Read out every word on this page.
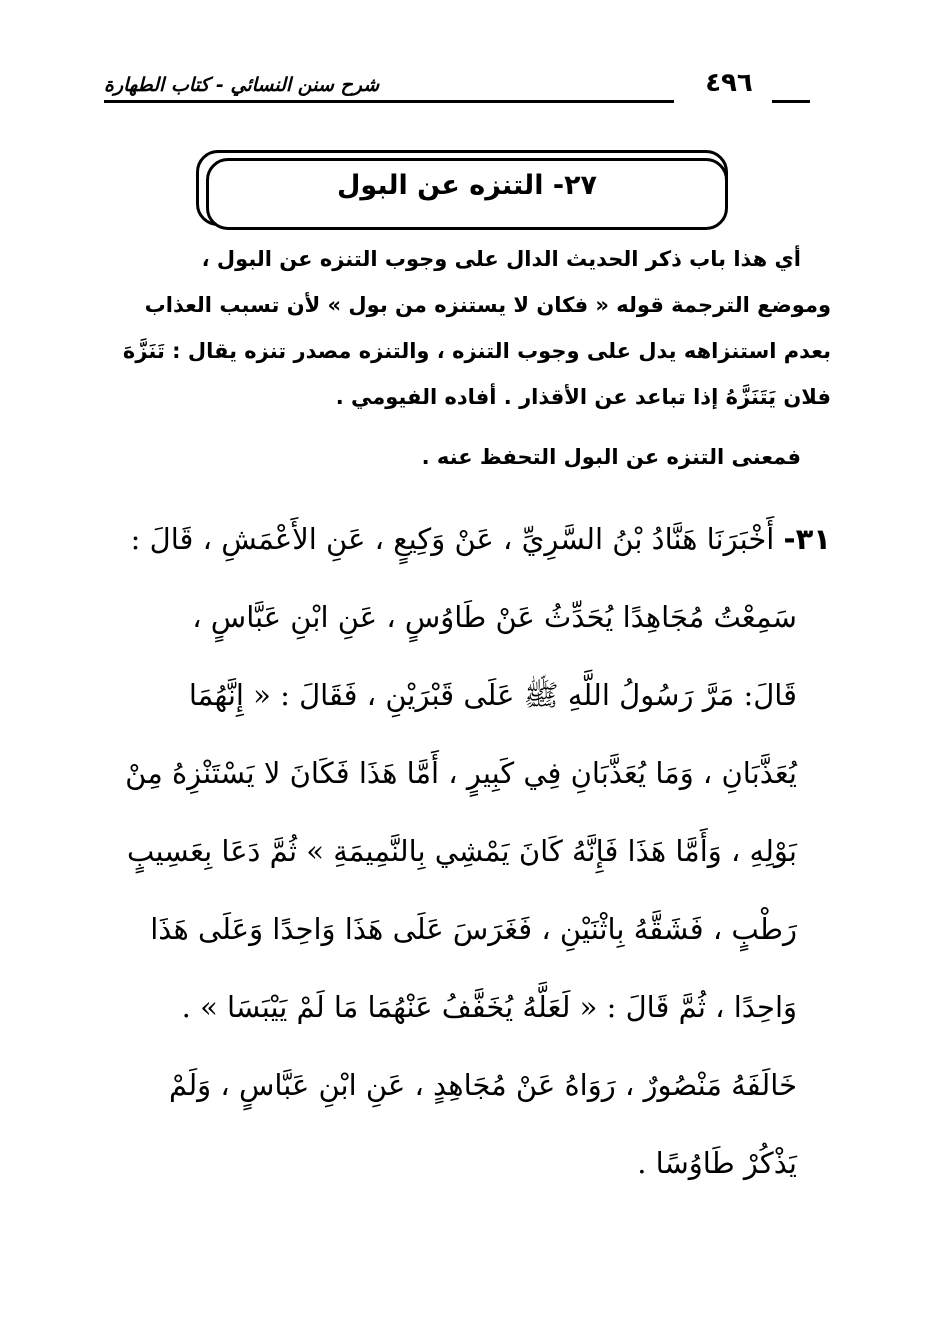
شرح سنن النسائي - كتاب الطهارة	٤٩٦
٢٧- التنزه عن البول
أي هذا باب ذكر الحديث الدال على وجوب التنزه عن البول ،
وموضع الترجمة قوله « فكان لا يستنزه من بول » لأن تسبب العذاب
بعدم استنزاهه يدل على وجوب التنزه ، والتنزه مصدر تنزه يقال : تَنَزَّهَ
فلان يَتَنَزَّهُ إذا تباعد عن الأقذار . أفاده الفيومي .
فمعنى التنزه عن البول التحفظ عنه .
٣١- أَخْبَرَنَا هَنَّادُ بْنُ السَّرِيِّ ، عَنْ وَكِيعٍ ، عَنِ الأَعْمَشِ ، قَالَ :
سَمِعْتُ مُجَاهِدًا يُحَدِّثُ عَنْ طَاوُسٍ ، عَنِ ابْنِ عَبَّاسٍ ،
قَالَ: مَرَّ رَسُولُ اللَّهِ ﷺ عَلَى قَبْرَيْنِ ، فَقَالَ : « إِنَّهُمَا
يُعَذَّبَانِ ، وَمَا يُعَذَّبَانِ فِي كَبِيرٍ ، أَمَّا هَذَا فَكَانَ لا يَسْتَنْزِهُ مِنْ
بَوْلِهِ ، وَأَمَّا هَذَا فَإِنَّهُ كَانَ يَمْشِي بِالنَّمِيمَةِ » ثُمَّ دَعَا بِعَسِيبٍ
رَطْبٍ ، فَشَقَّهُ بِاثْنَيْنِ ، فَغَرَسَ عَلَى هَذَا وَاحِدًا وَعَلَى هَذَا
وَاحِدًا ، ثُمَّ قَالَ : « لَعَلَّهُ يُخَفَّفُ عَنْهُمَا مَا لَمْ يَيْبَسَا » .
خَالَفَهُ مَنْصُورٌ ، رَوَاهُ عَنْ مُجَاهِدٍ ، عَنِ ابْنِ عَبَّاسٍ ، وَلَمْ
يَذْكُرْ طَاوُسًا .
